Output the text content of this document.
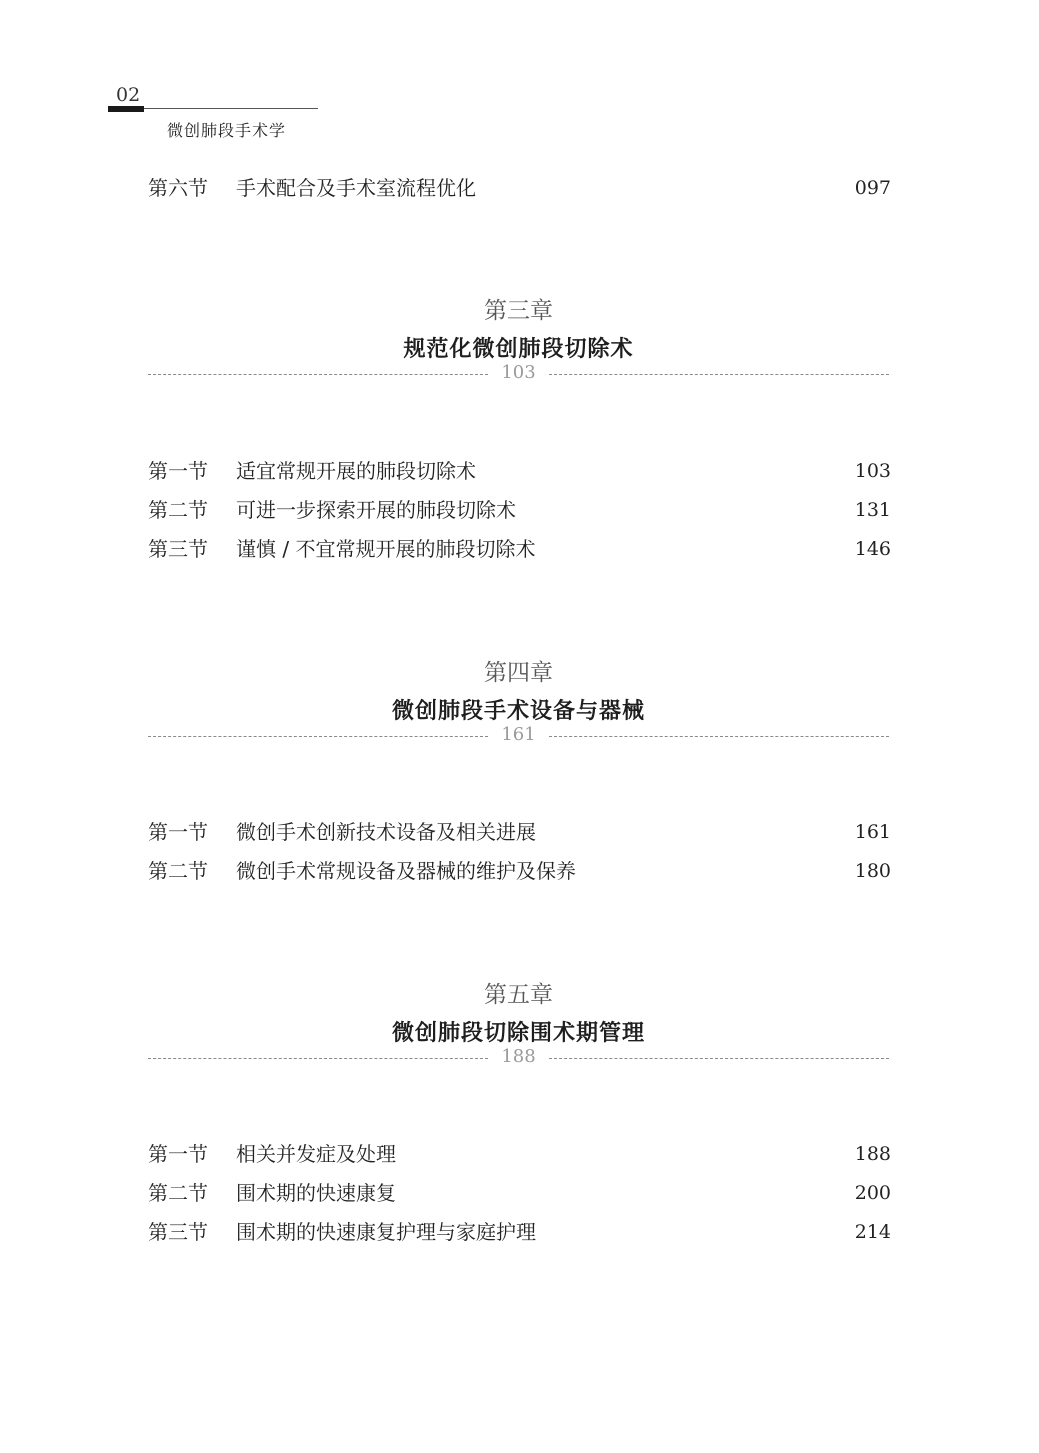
02
微创肺段手术学
第六节 手术配合及手术室流程优化	097
第三章
规范化微创肺段切除术
103
第一节 适宜常规开展的肺段切除术	103
第二节 可进一步探索开展的肺段切除术	131
第三节 谨慎 / 不宜常规开展的肺段切除术	146
第四章
微创肺段手术设备与器械
161
第一节 微创手术创新技术设备及相关进展	161
第二节 微创手术常规设备及器械的维护及保养	180
第五章
微创肺段切除围术期管理
188
第一节 相关并发症及处理	188
第二节 围术期的快速康复	200
第三节 围术期的快速康复护理与家庭护理	214
